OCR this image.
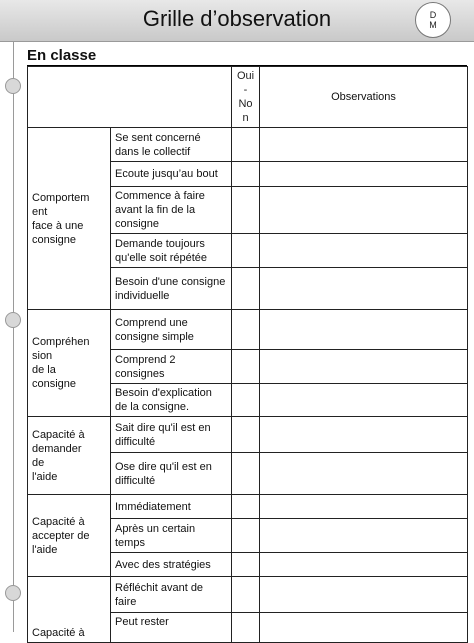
Grille d’observation	D
M
En classe

		Oui
-
No
n	Observations

Comportem
ent
face à une
consigne	Se sent concerné dans le collectif		
	Ecoute jusqu’au bout		
	Commence à faire avant la fin de la consigne		
	Demande toujours qu'elle soit répétée		
	Besoin d'une consigne individuelle		

Compréhen
sion
de la
consigne	Comprend une consigne simple		
	Comprend 2 consignes		
	Besoin d'explication de la consigne.		

Capacité à
demander
de
l'aide	Sait dire qu'il est en difficulté		
	Ose dire qu'il est en difficulté		

Capacité à
accepter de
l'aide	Immédiatement		
	Après un certain temps		
	Avec des stratégies		

Capacité à	Réfléchit avant de faire		
	Peut rester		
